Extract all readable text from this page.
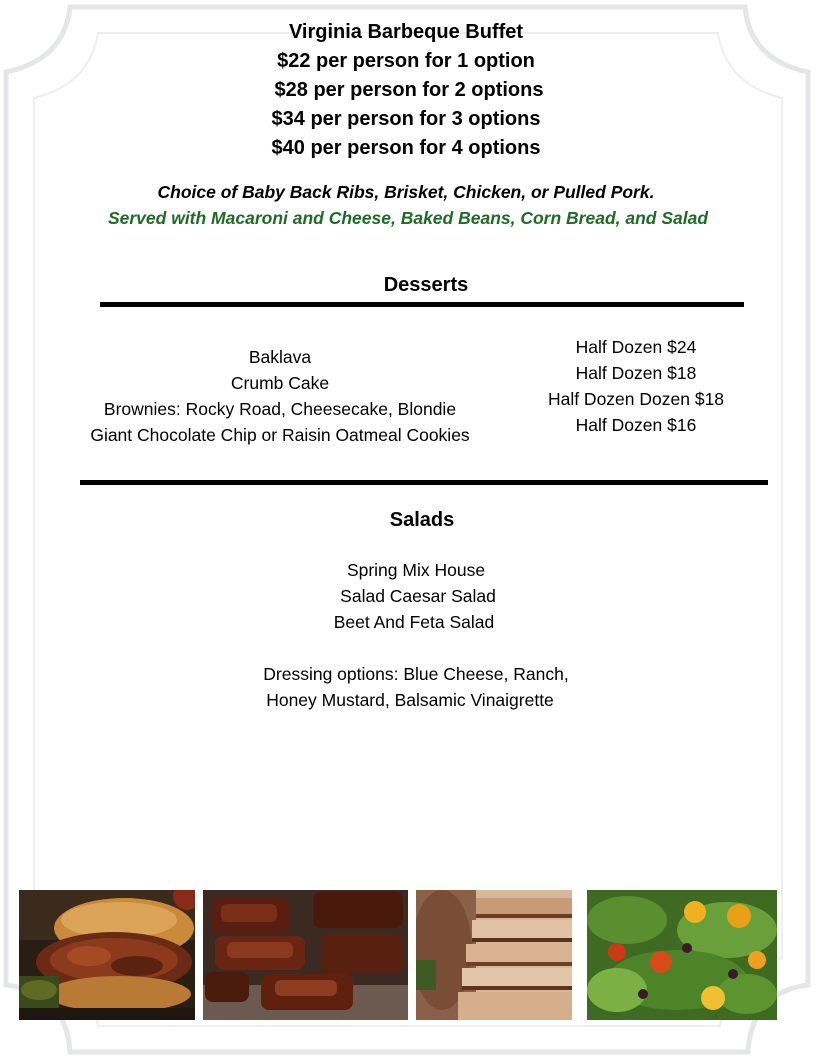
Virginia Barbeque Buffet
$22 per person for 1 option
$28 per person for 2 options
$34 per person for 3 options
$40 per person for 4 options
Choice of Baby Back Ribs, Brisket, Chicken, or Pulled Pork.
Served with Macaroni and Cheese, Baked Beans, Corn Bread, and Salad
Desserts
Baklava
Crumb Cake
Brownies: Rocky Road, Cheesecake, Blondie
Giant Chocolate Chip or Raisin Oatmeal Cookies
Half Dozen $24
Half Dozen $18
Half Dozen Dozen $18
Half Dozen $16
Salads
Spring Mix House
Salad Caesar Salad
Beet And Feta Salad
Dressing options: Blue Cheese, Ranch,
Honey Mustard, Balsamic Vinaigrette
